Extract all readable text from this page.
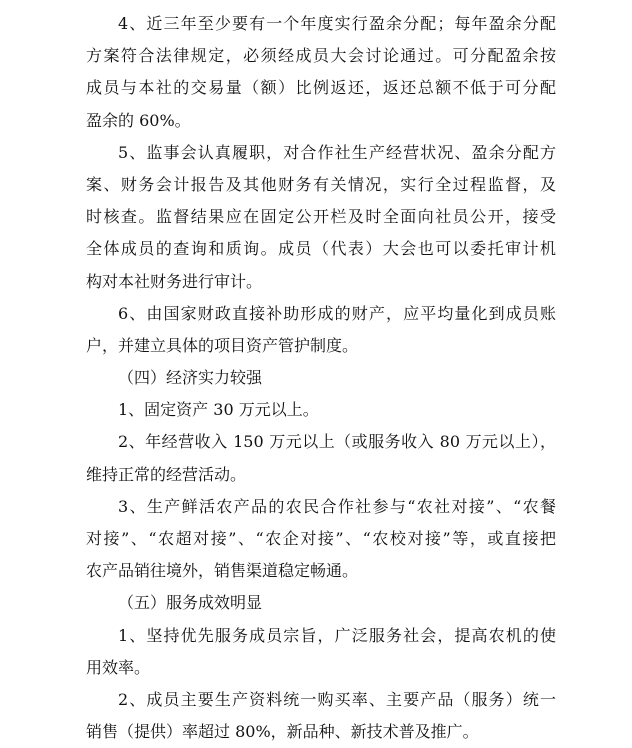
4、近三年至少要有一个年度实行盈余分配；每年盈余分配
方案符合法律规定，必须经成员大会讨论通过。可分配盈余按
成员与本社的交易量（额）比例返还，返还总额不低于可分配
盈余的 60%。
5、监事会认真履职，对合作社生产经营状况、盈余分配方
案、财务会计报告及其他财务有关情况，实行全过程监督，及
时核查。监督结果应在固定公开栏及时全面向社员公开，接受
全体成员的查询和质询。成员（代表）大会也可以委托审计机
构对本社财务进行审计。
6、由国家财政直接补助形成的财产，应平均量化到成员账
户，并建立具体的项目资产管护制度。
（四）经济实力较强
1、固定资产 30 万元以上。
2、年经营收入 150 万元以上（或服务收入 80 万元以上），
维持正常的经营活动。
3、生产鲜活农产品的农民合作社参与“农社对接”、“农餐
对接”、“农超对接”、“农企对接”、“农校对接”等，或直接把
农产品销往境外，销售渠道稳定畅通。
（五）服务成效明显
1、坚持优先服务成员宗旨，广泛服务社会，提高农机的使
用效率。
2、成员主要生产资料统一购买率、主要产品（服务）统一
销售（提供）率超过 80%，新品种、新技术普及推广。
